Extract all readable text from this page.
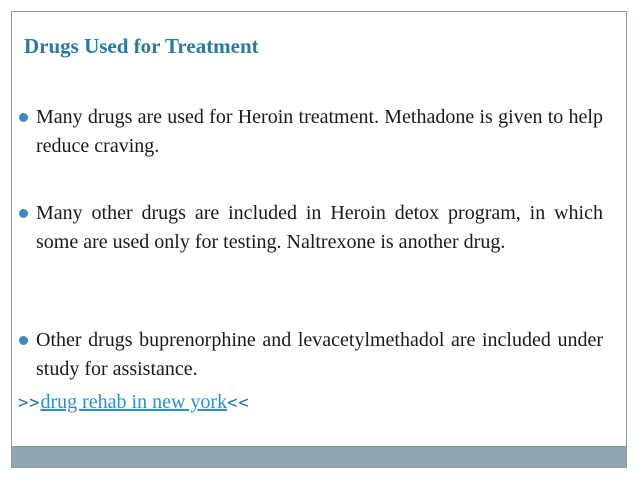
Drugs Used for Treatment
Many drugs are used for Heroin treatment. Methadone is given to help reduce craving.
Many other drugs are included in Heroin detox program, in which some are used only for testing. Naltrexone is another drug.
Other drugs buprenorphine and levacetylmethadol are included under study for assistance.
>>drug rehab in new york<<
